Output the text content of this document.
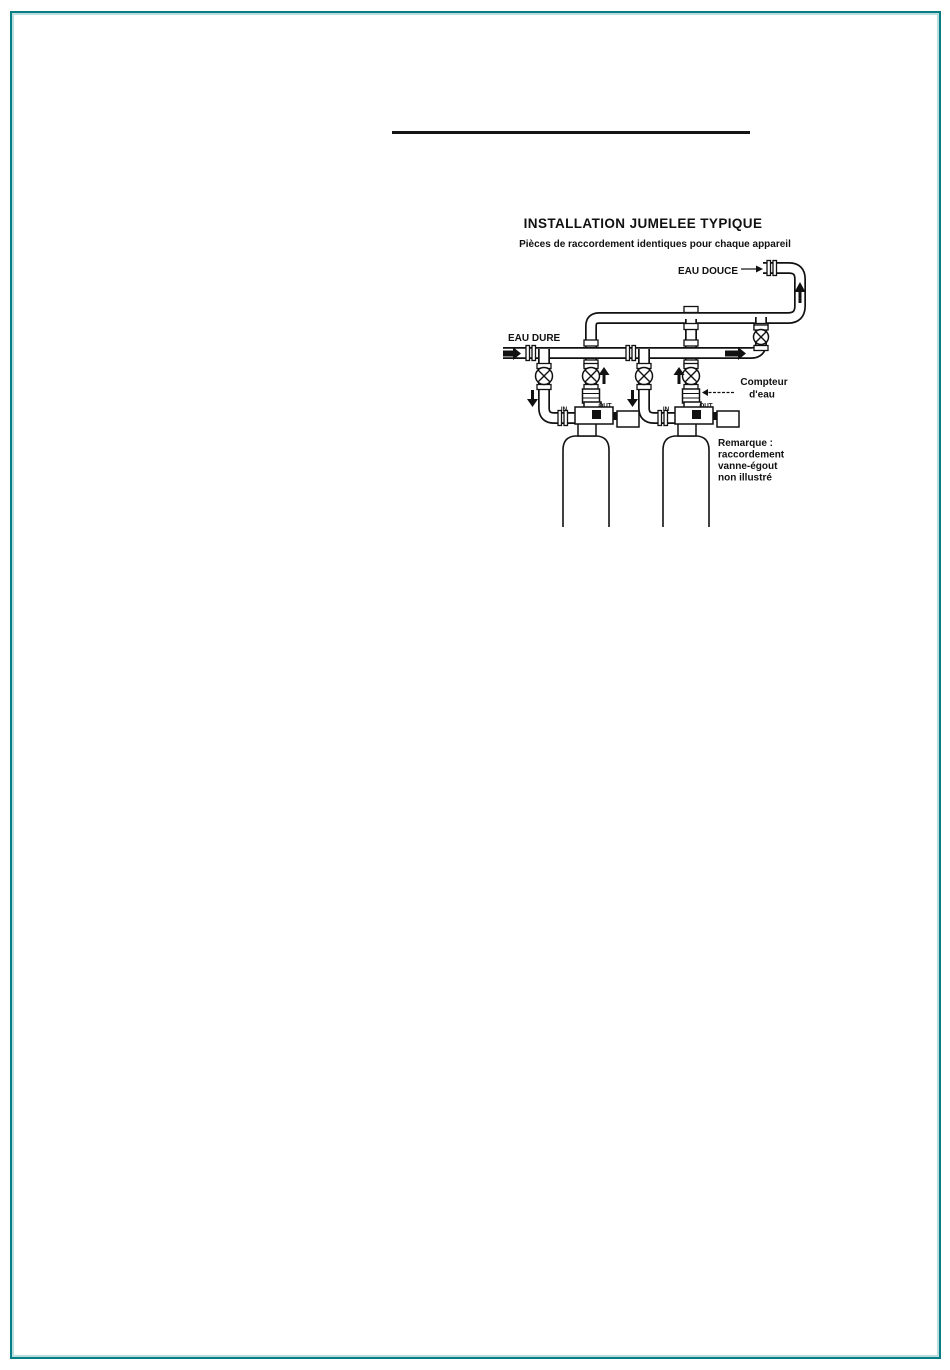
INSTALLATION JUMELEE TYPIQUE
Pièces de raccordement identiques pour chaque appareil
EAU DOUCE
EAU DURE
Compteur
d'eau
IN	OUT	IN	OUT
Remarque :
raccordement
vanne-égout
non illustré
